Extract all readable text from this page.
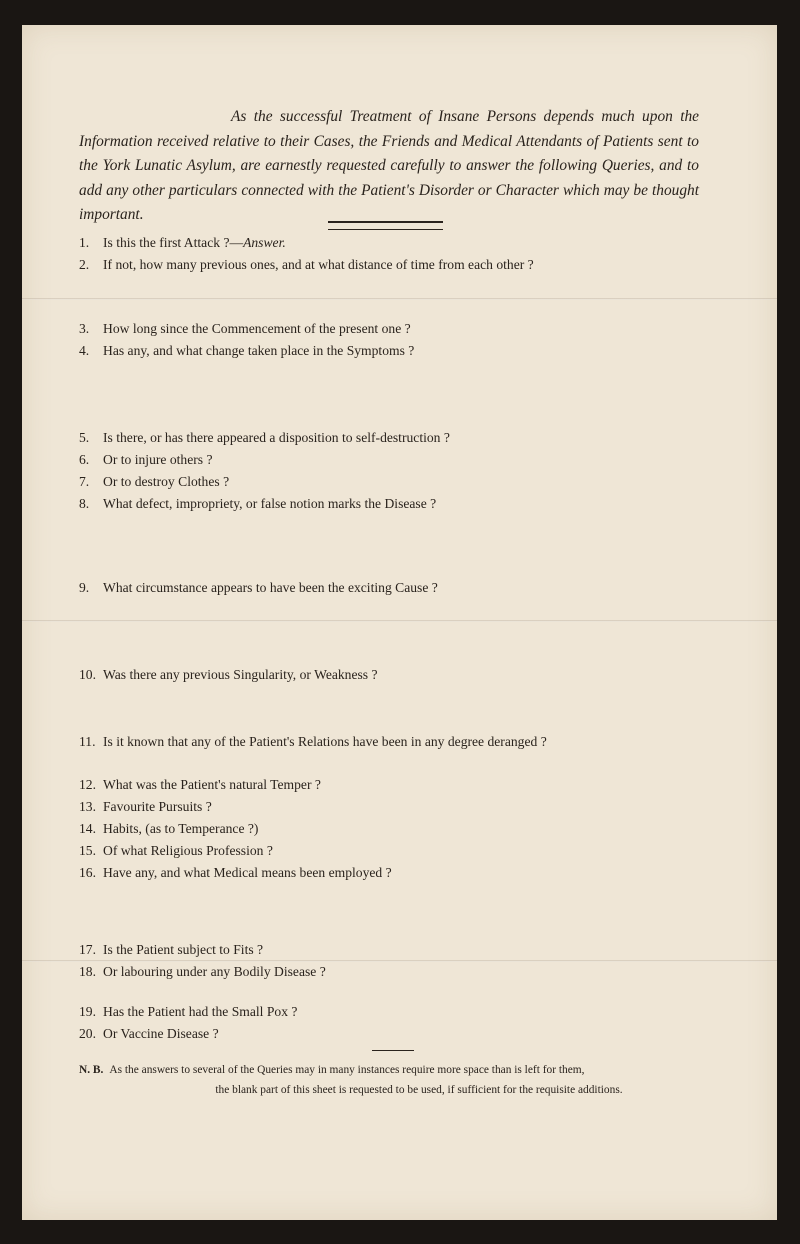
As the successful Treatment of Insane Persons depends much upon the Information received relative to their Cases, the Friends and Medical Attendants of Patients sent to the York Lunatic Asylum, are earnestly requested carefully to answer the following Queries, and to add any other particulars connected with the Patient's Disorder or Character which may be thought important.

1. Is this the first Attack ?—Answer.
2. If not, how many previous ones, and at what distance of time from each other ?
3. How long since the Commencement of the present one ?
4. Has any, and what change taken place in the Symptoms ?
5. Is there, or has there appeared a disposition to self-destruction ?
6. Or to injure others ?
7. Or to destroy Clothes ?
8. What defect, impropriety, or false notion marks the Disease ?
9. What circumstance appears to have been the exciting Cause ?
10. Was there any previous Singularity, or Weakness ?
11. Is it known that any of the Patient's Relations have been in any degree deranged ?
12. What was the Patient's natural Temper ?
13. Favourite Pursuits ?
14. Habits, (as to Temperance ?)
15. Of what Religious Profession ?
16. Have any, and what Medical means been employed ?
17. Is the Patient subject to Fits ?
18. Or labouring under any Bodily Disease ?
19. Has the Patient had the Small Pox ?
20. Or Vaccine Disease ?

N. B. As the answers to several of the Queries may in many instances require more space than is left for them,
the blank part of this sheet is requested to be used, if sufficient for the requisite additions.
